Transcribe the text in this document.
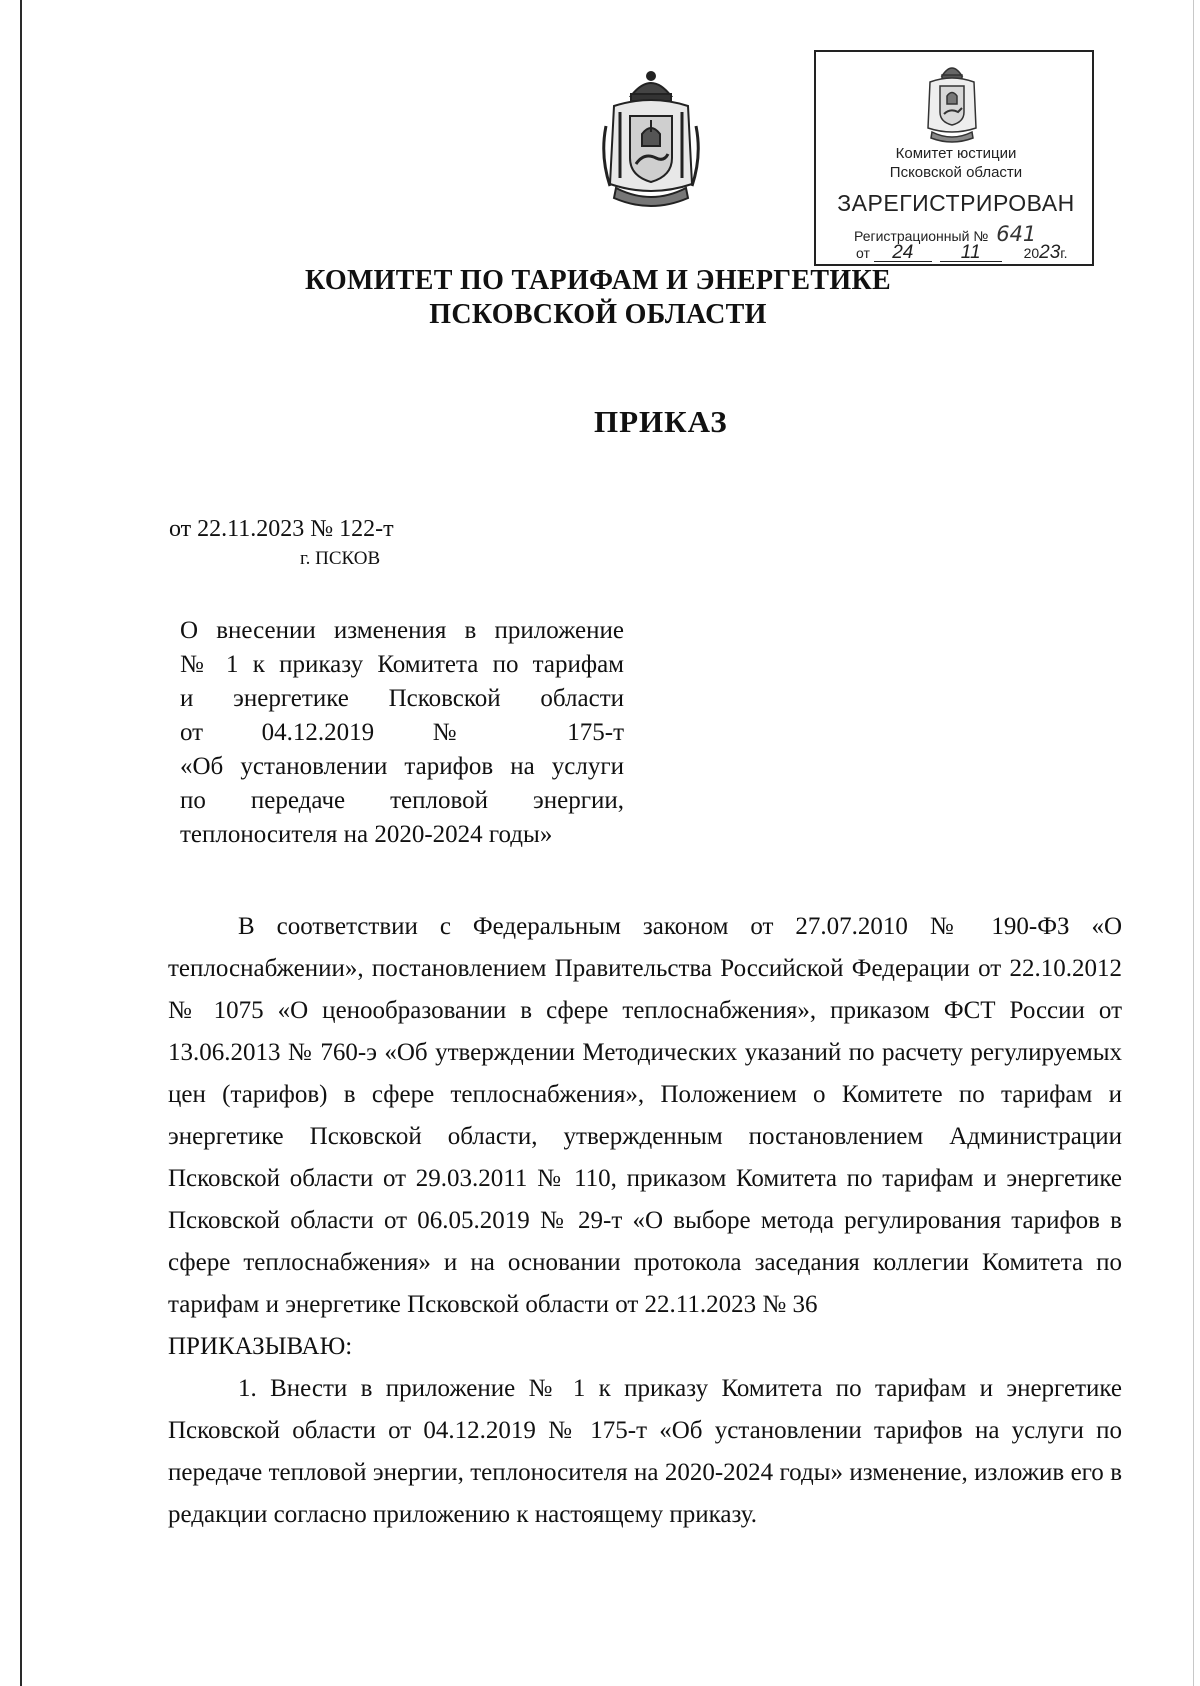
Комитет юстиции
Псковской области
ЗАРЕГИСТРИРОВАН
Регистрационный № 641
от 24 11	2023г.
КОМИТЕТ ПО ТАРИФАМ И ЭНЕРГЕТИКЕ
ПСКОВСКОЙ ОБЛАСТИ
ПРИКАЗ
от 22.11.2023 № 122-т
г. ПСКОВ
О внесении изменения в приложение
№ 1 к приказу Комитета по тарифам
и энергетике Псковской области
от 04.12.2019 № 175-т
«Об установлении тарифов на услуги
по передаче тепловой энергии,
теплоносителя на 2020-2024 годы»

В соответствии с Федеральным законом от 27.07.2010 № 190-ФЗ «О теплоснабжении», постановлением Правительства Российской Федерации от 22.10.2012 № 1075 «О ценообразовании в сфере теплоснабжения», приказом ФСТ России от 13.06.2013 № 760-э «Об утверждении Методических указаний по расчету регулируемых цен (тарифов) в сфере теплоснабжения», Положением о Комитете по тарифам и энергетике Псковской области, утвержденным постановлением Администрации Псковской области от 29.03.2011 № 110, приказом Комитета по тарифам и энергетике Псковской области от 06.05.2019 № 29-т «О выборе метода регулирования тарифов в сфере теплоснабжения» и на основании протокола заседания коллегии Комитета по тарифам и энергетике Псковской области от 22.11.2023 № 36

ПРИКАЗЫВАЮ:

1. Внести в приложение № 1 к приказу Комитета по тарифам и энергетике Псковской области от 04.12.2019 № 175-т «Об установлении тарифов на услуги по передаче тепловой энергии, теплоносителя на 2020-2024 годы» изменение, изложив его в редакции согласно приложению к настоящему приказу.
